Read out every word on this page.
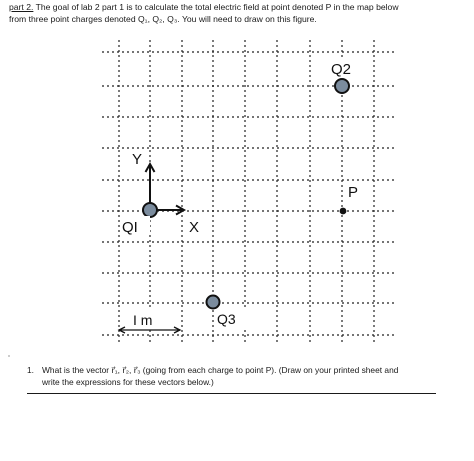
part 2. The goal of lab 2 part 1 is to calculate the total electric field at point denoted P in the map below
from three point charges denoted Q₁, Q₂, Q₃. You will need to draw on this figure.
Q2
P
QI	X
Y
I m	Q3
1. What is the vector r⃗₁, r⃗₂, r⃗₃ (going from each charge to point P). (Draw on your printed sheet and
write the expressions for these vectors below.)
